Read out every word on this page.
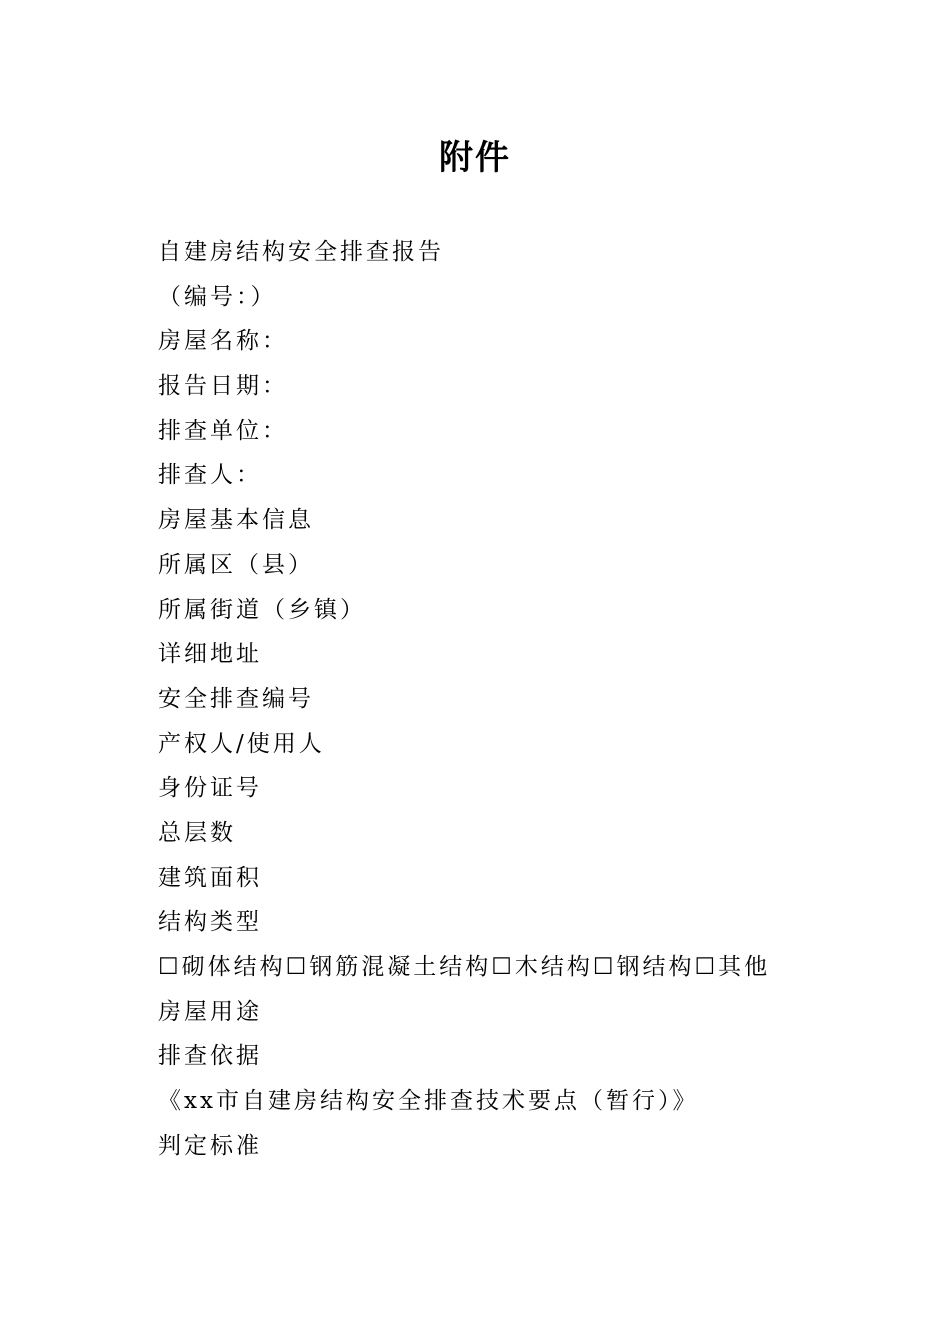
附件
自建房结构安全排查报告
（编号：）
房屋名称：
报告日期：
排查单位：
排查人：
房屋基本信息
所属区（县）
所属街道（乡镇）
详细地址
安全排查编号
产权人/使用人
身份证号
总层数
建筑面积
结构类型
☐砌体结构☐钢筋混凝土结构☐木结构☐钢结构☐其他
房屋用途
排查依据
《xx市自建房结构安全排查技术要点（暂行）》
判定标准
